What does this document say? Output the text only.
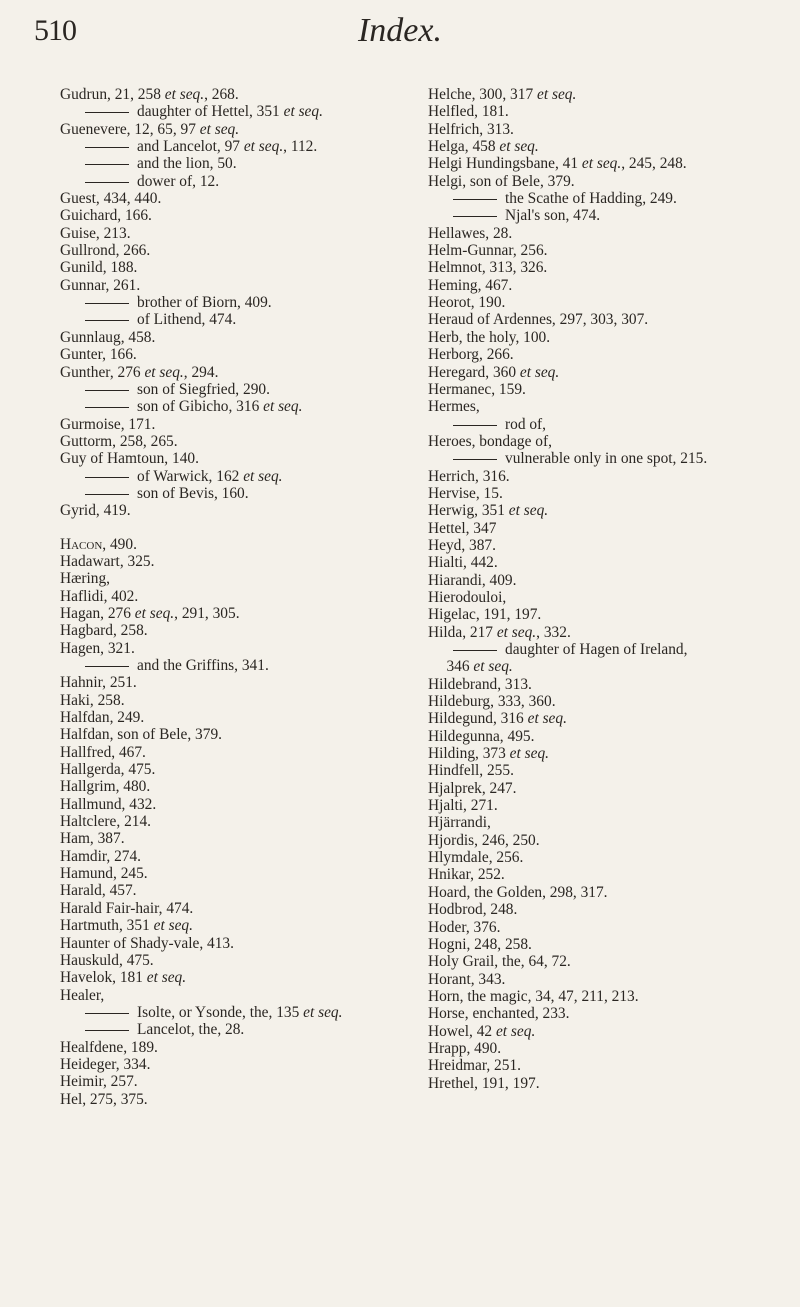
510	Index.
Gudrun, 21, 258 et seq., 268.
daughter of Hettel, 351 et seq.
Guenevere, 12, 65, 97 et seq.
and Lancelot, 97 et seq., 112.
and the lion, 50.
dower of, 12.
Guest, 434, 440.
Guichard, 166.
Guise, 213.
Gullrond, 266.
Gunild, 188.
Gunnar, 261.
brother of Biorn, 409.
of Lithend, 474.
Gunnlaug, 458.
Gunter, 166.
Gunther, 276 et seq., 294.
son of Siegfried, 290.
son of Gibicho, 316 et seq.
Gurmoise, 171.
Guttorm, 258, 265.
Guy of Hamtoun, 140.
of Warwick, 162 et seq.
son of Bevis, 160.
Gyrid, 419.
Hacon, 490.
Hadawart, 325.
Hæring,
Haflidi, 402.
Hagan, 276 et seq., 291, 305.
Hagbard, 258.
Hagen, 321.
and the Griffins, 341.
Hahnir, 251.
Haki, 258.
Halfdan, 249.
Halfdan, son of Bele, 379.
Hallfred, 467.
Hallgerda, 475.
Hallgrim, 480.
Hallmund, 432.
Haltclere, 214.
Ham, 387.
Hamdir, 274.
Hamund, 245.
Harald, 457.
Harald Fair-hair, 474.
Hartmuth, 351 et seq.
Haunter of Shady-vale, 413.
Hauskuld, 475.
Havelok, 181 et seq.
Healer,
Isolte, or Ysonde, the, 135 et seq.
Lancelot, the, 28.
Healfdene, 189.
Heideger, 334.
Heimir, 257.
Hel, 275, 375.
Helche, 300, 317 et seq.
Helfled, 181.
Helfrich, 313.
Helga, 458 et seq.
Helgi Hundingsbane, 41 et seq., 245, 248.
Helgi, son of Bele, 379.
the Scathe of Hadding, 249.
Njal's son, 474.
Hellawes, 28.
Helm-Gunnar, 256.
Helmnot, 313, 326.
Heming, 467.
Heorot, 190.
Heraud of Ardennes, 297, 303, 307.
Herb, the holy, 100.
Herborg, 266.
Heregard, 360 et seq.
Hermanec, 159.
Hermes,
rod of,
Heroes, bondage of,
vulnerable only in one spot, 215.
Herrich, 316.
Hervise, 15.
Herwig, 351 et seq.
Hettel, 347
Heyd, 387.
Hialti, 442.
Hiarandi, 409.
Hierodouloi,
Higelac, 191, 197.
Hilda, 217 et seq., 332.
daughter of Hagen of Ireland,
346 et seq.
Hildebrand, 313.
Hildeburg, 333, 360.
Hildegund, 316 et seq.
Hildegunna, 495.
Hilding, 373 et seq.
Hindfell, 255.
Hjalprek, 247.
Hjalti, 271.
Hjärrandi,
Hjordis, 246, 250.
Hlymdale, 256.
Hnikar, 252.
Hoard, the Golden, 298, 317.
Hodbrod, 248.
Hoder, 376.
Hogni, 248, 258.
Holy Grail, the, 64, 72.
Horant, 343.
Horn, the magic, 34, 47, 211, 213.
Horse, enchanted, 233.
Howel, 42 et seq.
Hrapp, 490.
Hreidmar, 251.
Hrethel, 191, 197.
